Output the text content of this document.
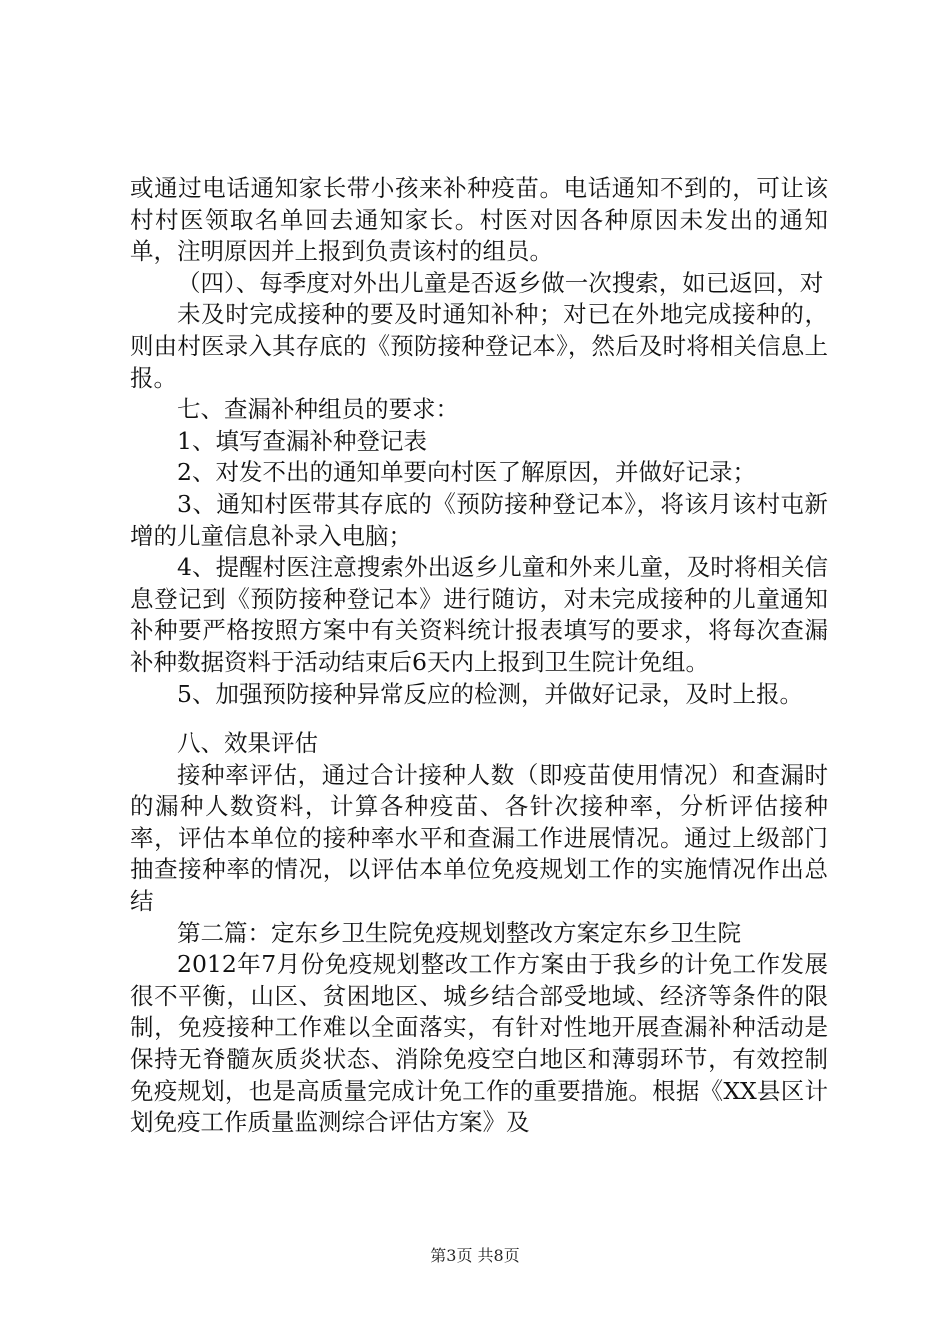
或通过电话通知家长带小孩来补种疫苗。电话通知不到的，可让该村村医领取名单回去通知家长。村医对因各种原因未发出的通知单，注明原因并上报到负责该村的组员。

（四）、每季度对外出儿童是否返乡做一次搜索，如已返回，对

未及时完成接种的要及时通知补种；对已在外地完成接种的，则由村医录入其存底的《预防接种登记本》，然后及时将相关信息上报。

七、查漏补种组员的要求：

1、填写查漏补种登记表

2、对发不出的通知单要向村医了解原因，并做好记录；

3、通知村医带其存底的《预防接种登记本》，将该月该村屯新增的儿童信息补录入电脑；

4、提醒村医注意搜索外出返乡儿童和外来儿童，及时将相关信息登记到《预防接种登记本》进行随访，对未完成接种的儿童通知补种要严格按照方案中有关资料统计报表填写的要求，将每次查漏补种数据资料于活动结束后6天内上报到卫生院计免组。

5、加强预防接种异常反应的检测，并做好记录，及时上报。

八、效果评估

接种率评估，通过合计接种人数（即疫苗使用情况）和查漏时的漏种人数资料，计算各种疫苗、各针次接种率，分析评估接种率，评估本单位的接种率水平和查漏工作进展情况。通过上级部门抽查接种率的情况，以评估本单位免疫规划工作的实施情况作出总结

第二篇：定东乡卫生院免疫规划整改方案定东乡卫生院

2012年7月份免疫规划整改工作方案由于我乡的计免工作发展很不平衡，山区、贫困地区、城乡结合部受地域、经济等条件的限制，免疫接种工作难以全面落实，有针对性地开展查漏补种活动是保持无脊髓灰质炎状态、消除免疫空白地区和薄弱环节，有效控制免疫规划，也是高质量完成计免工作的重要措施。根据《XX县区计划免疫工作质量监测综合评估方案》及

第3页 共8页
